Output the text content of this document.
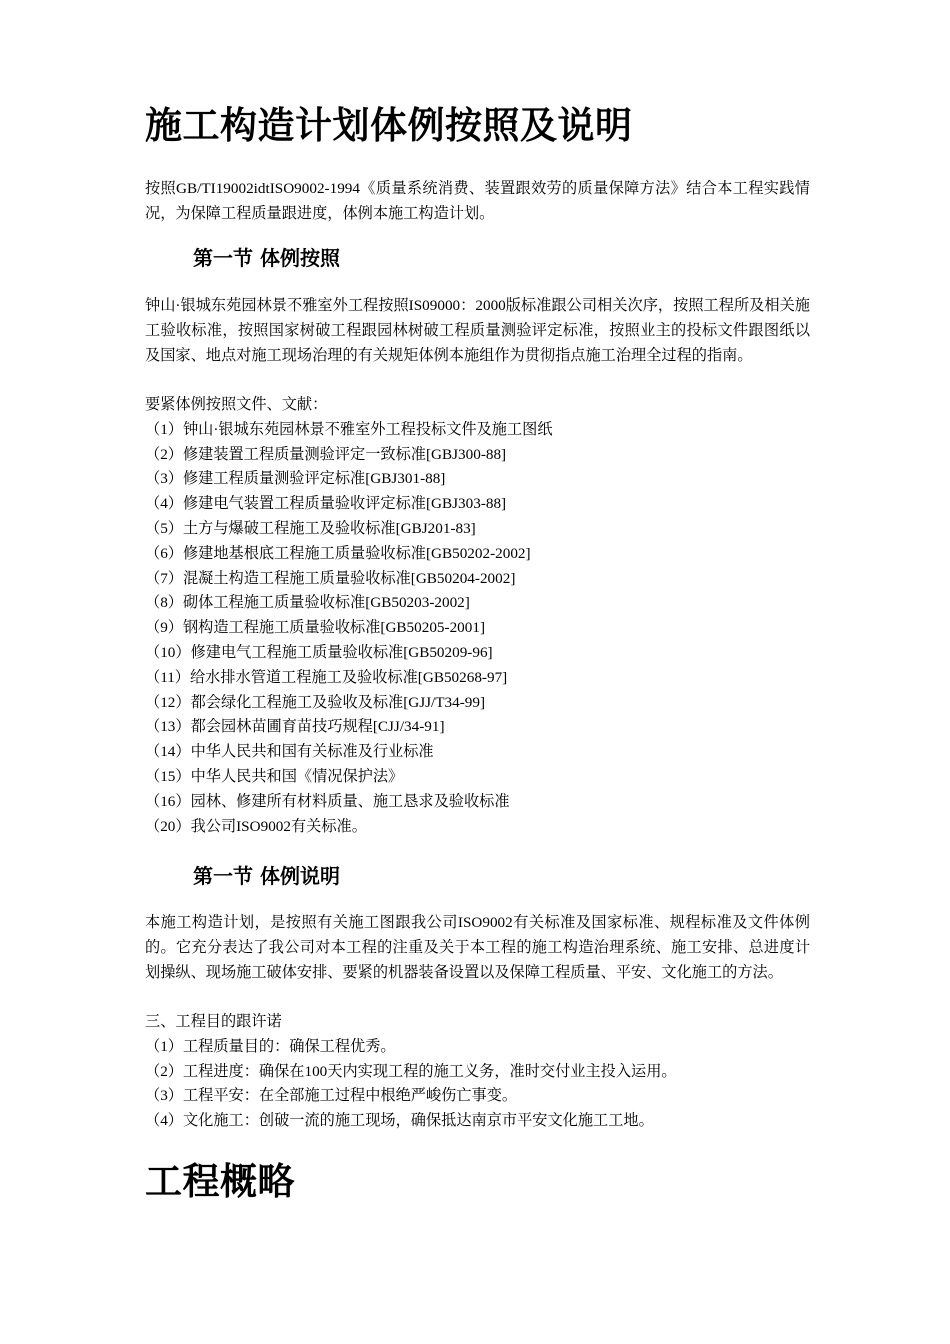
施工构造计划体例按照及说明
按照GB/TI19002idtISO9002-1994《质量系统消费、装置跟效劳的质量保障方法》结合本工程实践情况，为保障工程质量跟进度，体例本施工构造计划。
第一节 体例按照
钟山·银城东苑园林景不雅室外工程按照IS09000：2000版标准跟公司相关次序，按照工程所及相关施工验收标准，按照国家树破工程跟园林树破工程质量测验评定标准，按照业主的投标文件跟图纸以及国家、地点对施工现场治理的有关规矩体例本施组作为贯彻指点施工治理全过程的指南。
要紧体例按照文件、文献：
（1）钟山·银城东苑园林景不雅室外工程投标文件及施工图纸
（2）修建装置工程质量测验评定一致标准[GBJ300-88]
（3）修建工程质量测验评定标准[GBJ301-88]
（4）修建电气装置工程质量验收评定标准[GBJ303-88]
（5）土方与爆破工程施工及验收标准[GBJ201-83]
（6）修建地基根底工程施工质量验收标准[GB50202-2002]
（7）混凝土构造工程施工质量验收标准[GB50204-2002]
（8）砌体工程施工质量验收标准[GB50203-2002]
（9）钢构造工程施工质量验收标准[GB50205-2001]
（10）修建电气工程施工质量验收标准[GB50209-96]
（11）给水排水管道工程施工及验收标准[GB50268-97]
（12）都会绿化工程施工及验收及标准[GJJ/T34-99]
（13）都会园林苗圃育苗技巧规程[CJJ/34-91]
（14）中华人民共和国有关标准及行业标准
（15）中华人民共和国《情况保护法》
（16）园林、修建所有材料质量、施工恳求及验收标准
（20）我公司ISO9002有关标准。
第一节 体例说明
本施工构造计划，是按照有关施工图跟我公司ISO9002有关标准及国家标准、规程标准及文件体例的。它充分表达了我公司对本工程的注重及关于本工程的施工构造治理系统、施工安排、总进度计划操纵、现场施工破体安排、要紧的机器装备设置以及保障工程质量、平安、文化施工的方法。
三、工程目的跟许诺
（1）工程质量目的：确保工程优秀。
（2）工程进度：确保在100天内实现工程的施工义务，准时交付业主投入运用。
（3）工程平安：在全部施工过程中根绝严峻伤亡事变。
（4）文化施工：创破一流的施工现场，确保抵达南京市平安文化施工工地。
工程概略
